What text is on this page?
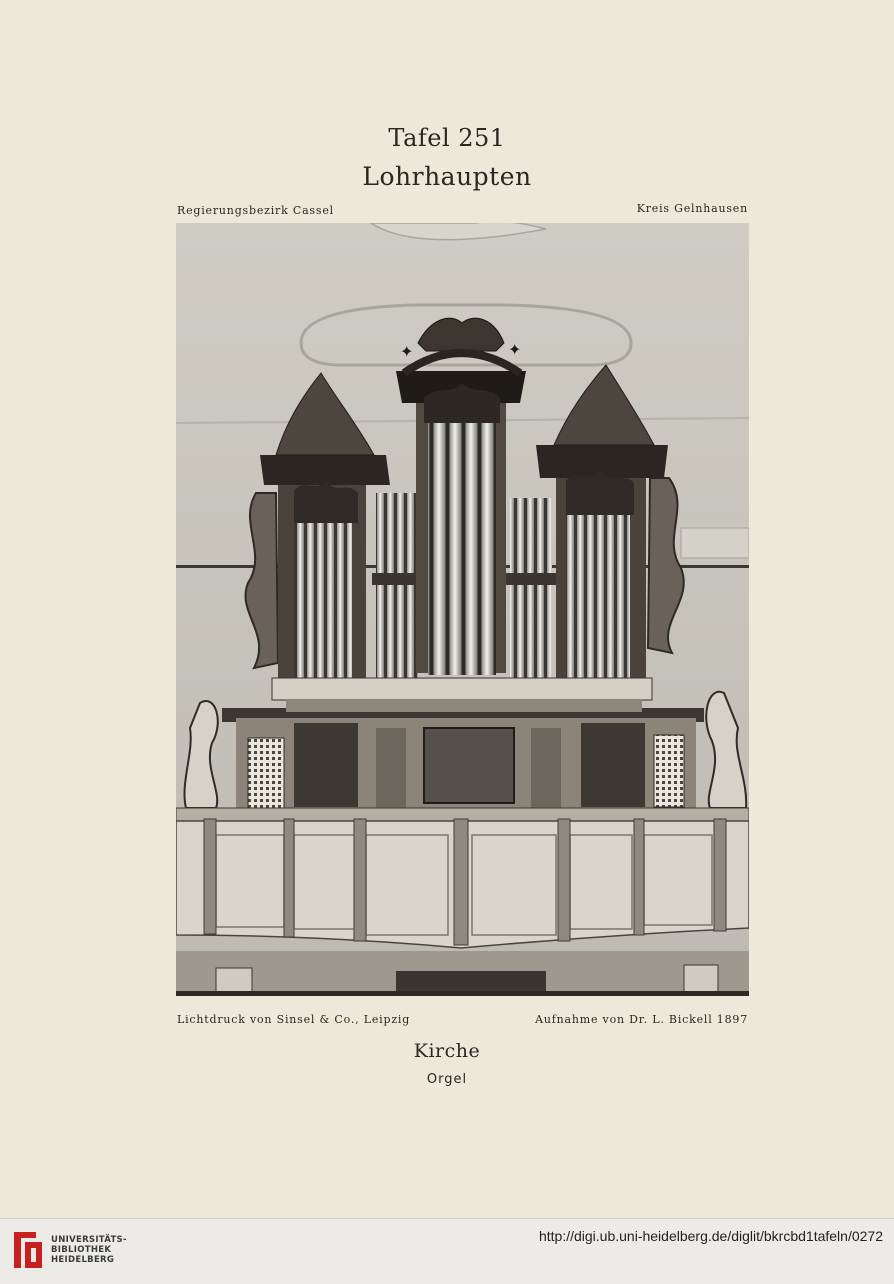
Tafel 251
Lohrhaupten
Regierungsbezirk Cassel	Kreis Gelnhausen
✦	✦
Lichtdruck von Sinsel & Co., Leipzig	Aufnahme von Dr. L. Bickell 1897
Kirche
Orgel
UNIVERSITÄTS-
BIBLIOTHEK
HEIDELBERG
http://digi.ub.uni-heidelberg.de/diglit/bkrcbd1tafeln/0272
